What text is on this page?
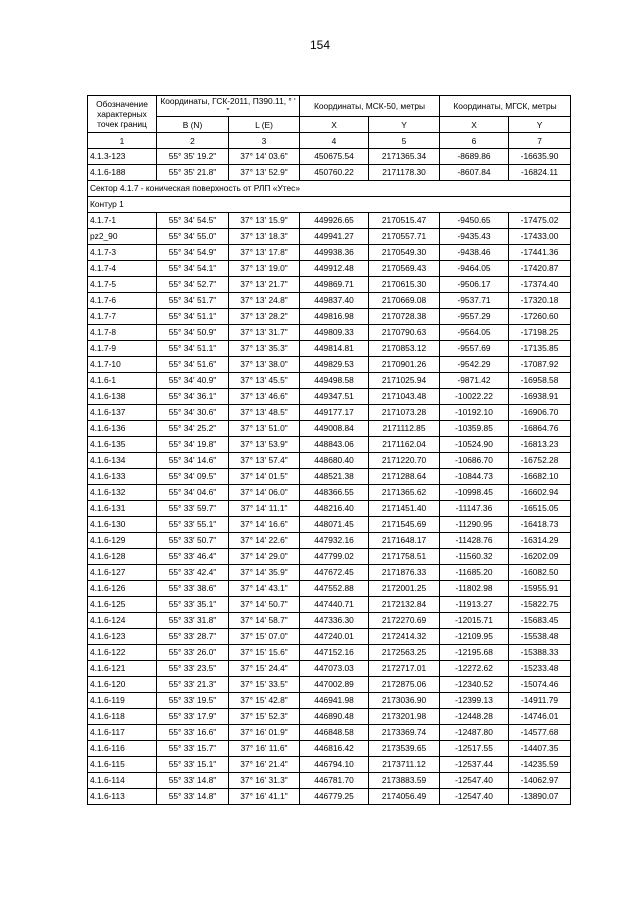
154
Обозначение характерных точек границ	Координаты, ГСК-2011, П390.11, ° ' "		Координаты, МСК-50, метры		Координаты, МГСК, метры	
	B (N)	L (E)	X	Y	X	Y
1	2	3	4	5	6	7
4.1.3-123	55° 35' 19.2"	37° 14' 03.6"	450675.54	2171365.34	-8689.86	-16635.90
4.1.6-188	55° 35' 21.8"	37° 13' 52.9"	450760.22	2171178.30	-8607.84	-16824.11
Сектор 4.1.7 - коническая поверхность от РЛП «Утес»						
Контур 1						
4.1.7-1	55° 34' 54.5"	37° 13' 15.9"	449926.65	2170515.47	-9450.65	-17475.02
pz2_90	55° 34' 55.0"	37° 13' 18.3"	449941.27	2170557.71	-9435.43	-17433.00
4.1.7-3	55° 34' 54.9"	37° 13' 17.8"	449938.36	2170549.30	-9438.46	-17441.36
4.1.7-4	55° 34' 54.1"	37° 13' 19.0"	449912.48	2170569.43	-9464.05	-17420.87
4.1.7-5	55° 34' 52.7"	37° 13' 21.7"	449869.71	2170615.30	-9506.17	-17374.40
4.1.7-6	55° 34' 51.7"	37° 13' 24.8"	449837.40	2170669.08	-9537.71	-17320.18
4.1.7-7	55° 34' 51.1"	37° 13' 28.2"	449816.98	2170728.38	-9557.29	-17260.60
4.1.7-8	55° 34' 50.9"	37° 13' 31.7"	449809.33	2170790.63	-9564.05	-17198.25
4.1.7-9	55° 34' 51.1"	37° 13' 35.3"	449814.81	2170853.12	-9557.69	-17135.85
4.1.7-10	55° 34' 51.6"	37° 13' 38.0"	449829.53	2170901.26	-9542.29	-17087.92
4.1.6-1	55° 34' 40.9"	37° 13' 45.5"	449498.58	2171025.94	-9871.42	-16958.58
4.1.6-138	55° 34' 36.1"	37° 13' 46.6"	449347.51	2171043.48	-10022.22	-16938.91
4.1.6-137	55° 34' 30.6"	37° 13' 48.5"	449177.17	2171073.28	-10192.10	-16906.70
4.1.6-136	55° 34' 25.2"	37° 13' 51.0"	449008.84	2171112.85	-10359.85	-16864.76
4.1.6-135	55° 34' 19.8"	37° 13' 53.9"	448843.06	2171162.04	-10524.90	-16813.23
4.1.6-134	55° 34' 14.6"	37° 13' 57.4"	448680.40	2171220.70	-10686.70	-16752.28
4.1.6-133	55° 34' 09.5"	37° 14' 01.5"	448521.38	2171288.64	-10844.73	-16682.10
4.1.6-132	55° 34' 04.6"	37° 14' 06.0"	448366.55	2171365.62	-10998.45	-16602.94
4.1.6-131	55° 33' 59.7"	37° 14' 11.1"	448216.40	2171451.40	-11147.36	-16515.05
4.1.6-130	55° 33' 55.1"	37° 14' 16.6"	448071.45	2171545.69	-11290.95	-16418.73
4.1.6-129	55° 33' 50.7"	37° 14' 22.6"	447932.16	2171648.17	-11428.76	-16314.29
4.1.6-128	55° 33' 46.4"	37° 14' 29.0"	447799.02	2171758.51	-11560.32	-16202.09
4.1.6-127	55° 33' 42.4"	37° 14' 35.9"	447672.45	2171876.33	-11685.20	-16082.50
4.1.6-126	55° 33' 38.6"	37° 14' 43.1"	447552.88	2172001.25	-11802.98	-15955.91
4.1.6-125	55° 33' 35.1"	37° 14' 50.7"	447440.71	2172132.84	-11913.27	-15822.75
4.1.6-124	55° 33' 31.8"	37° 14' 58.7"	447336.30	2172270.69	-12015.71	-15683.45
4.1.6-123	55° 33' 28.7"	37° 15' 07.0"	447240.01	2172414.32	-12109.95	-15538.48
4.1.6-122	55° 33' 26.0"	37° 15' 15.6"	447152.16	2172563.25	-12195.68	-15388.33
4.1.6-121	55° 33' 23.5"	37° 15' 24.4"	447073.03	2172717.01	-12272.62	-15233.48
4.1.6-120	55° 33' 21.3"	37° 15' 33.5"	447002.89	2172875.06	-12340.52	-15074.46
4.1.6-119	55° 33' 19.5"	37° 15' 42.8"	446941.98	2173036.90	-12399.13	-14911.79
4.1.6-118	55° 33' 17.9"	37° 15' 52.3"	446890.48	2173201.98	-12448.28	-14746.01
4.1.6-117	55° 33' 16.6"	37° 16' 01.9"	446848.58	2173369.74	-12487.80	-14577.68
4.1.6-116	55° 33' 15.7"	37° 16' 11.6"	446816.42	2173539.65	-12517.55	-14407.35
4.1.6-115	55° 33' 15.1"	37° 16' 21.4"	446794.10	2173711.12	-12537.44	-14235.59
4.1.6-114	55° 33' 14.8"	37° 16' 31.3"	446781.70	2173883.59	-12547.40	-14062.97
4.1.6-113	55° 33' 14.8"	37° 16' 41.1"	446779.25	2174056.49	-12547.40	-13890.07
